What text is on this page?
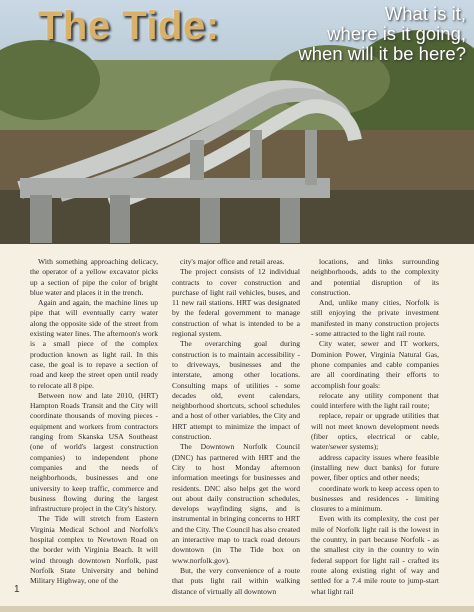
The Tide:	What is it,
where is it going,
when will it be here?

With something approaching delicacy, the operator of a yellow excavator picks up a section of pipe the color of bright blue water and places it in the trench.

Again and again, the machine lines up pipe that will eventually carry water along the opposite side of the street from existing water lines. The afternoon's work is a small piece of the complex production known as light rail. In this case, the goal is to repave a section of road and keep the street open until ready to relocate all 8 pipe.

Between now and late 2010, (HRT) Hampton Roads Transit and the City will coordinate thousands of moving pieces - equipment and workers from contractors ranging from Skanska USA Southeast (one of world's largest construction companies) to independent phone companies and the needs of neighborhoods, businesses and one university to keep traffic, commerce and business flowing during the largest infrastructure project in the City's history.

The Tide will stretch from Eastern Virginia Medical School and Norfolk's hospital complex to Newtown Road on the border with Virginia Beach. It will wind through downtown Norfolk, past Norfolk State University and behind Military Highway, one of the

city's major office and retail areas.

The project consists of 12 individual contracts to cover construction and purchase of light rail vehicles, buses, and 11 new rail stations. HRT was designated by the federal government to manage construction of what is intended to be a regional system.

The overarching goal during construction is to maintain accessibility - to driveways, businesses and the interstate, among other locations. Consulting maps of utilities - some decades old, event calendars, neighborhood shortcuts, school schedules and a host of other variables, the City and HRT attempt to minimize the impact of construction.

The Downtown Norfolk Council (DNC) has partnered with HRT and the City to host Monday afternoon information meetings for businesses and residents. DNC also helps get the word out about daily construction schedules, develops wayfinding signs, and is instrumental in bringing concerns to HRT and the City. The Council has also created an interactive map to track road detours downtown (in The Tide box on www.norfolk.gov).

But, the very convenience of a route that puts light rail within walking distance of virtually all downtown

locations, and links surrounding neighborhoods, adds to the complexity and potential disruption of its construction.

And, unlike many cities, Norfolk is still enjoying the private investment manifested in many construction projects - some attracted to the light rail route.

City water, sewer and IT workers, Dominion Power, Virginia Natural Gas, phone companies and cable companies are all coordinating their efforts to accomplish four goals:

relocate any utility component that could interfere with the light rail route;

replace, repair or upgrade utilities that will not meet known development needs (fiber optics, electrical or cable, water/sewer systems);

address capacity issues where feasible (installing new duct banks) for future power, fiber optics and other needs;

coordinate work to keep access open to businesses and residences - limiting closures to a minimum.

Even with its complexity, the cost per mile of Norfolk light rail is the lowest in the country, in part because Norfolk - as the smallest city in the country to win federal support for light rail - crafted its route along existing right of way and settled for a 7.4 mile route to jump-start what light rail

1
